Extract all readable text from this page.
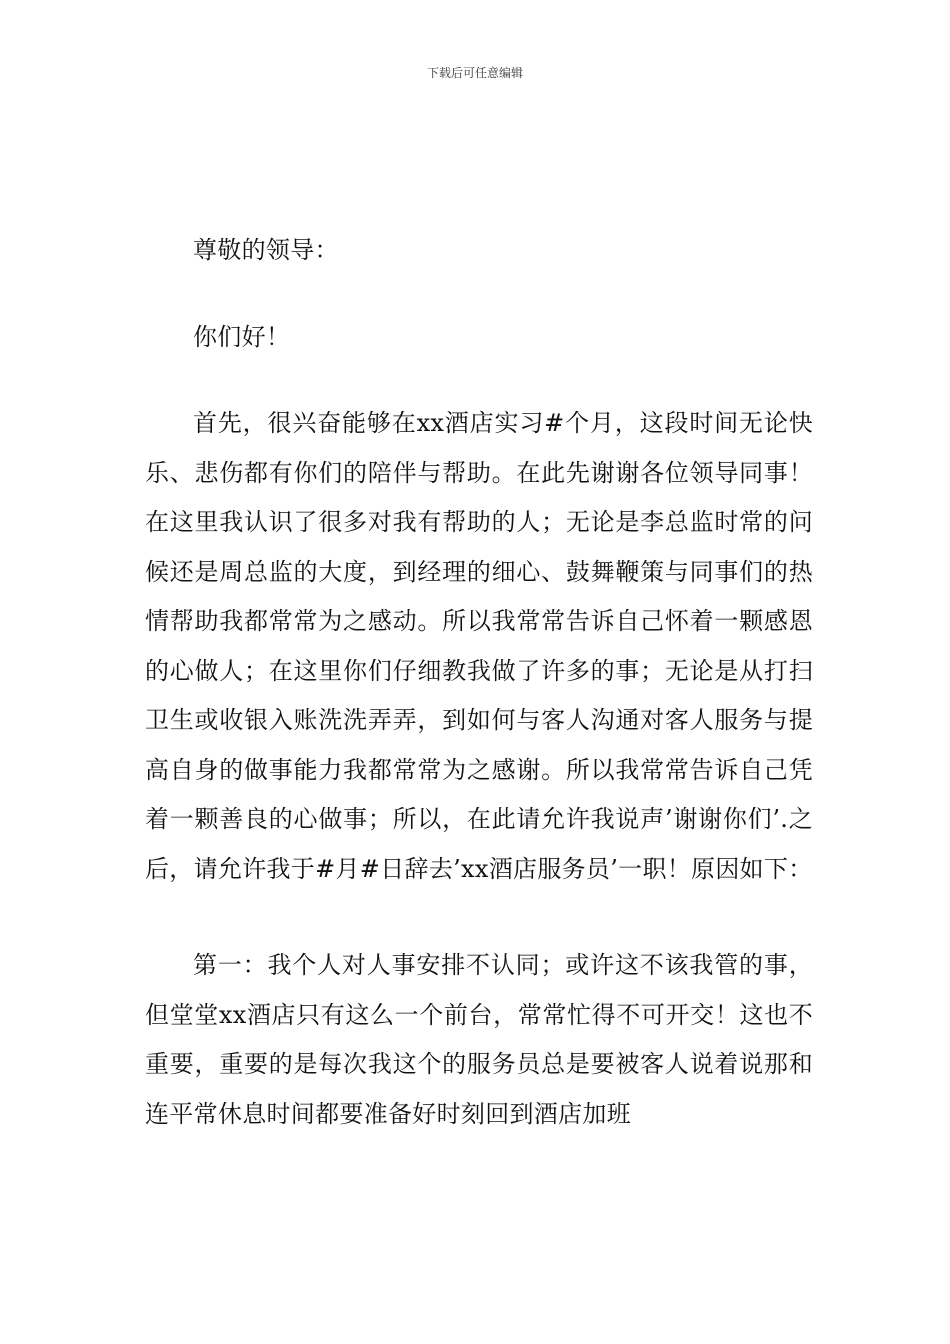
下载后可任意编辑

尊敬的领导：

你们好！

首先，很兴奋能够在xx酒店实习#个月，这段时间无论快乐、悲伤都有你们的陪伴与帮助。在此先谢谢各位领导同事！在这里我认识了很多对我有帮助的人；无论是李总监时常的问候还是周总监的大度，到经理的细心、鼓舞鞭策与同事们的热情帮助我都常常为之感动。所以我常常告诉自己怀着一颗感恩的心做人；在这里你们仔细教我做了许多的事；无论是从打扫卫生或收银入账洗洗弄弄，到如何与客人沟通对客人服务与提高自身的做事能力我都常常为之感谢。所以我常常告诉自己凭着一颗善良的心做事；所以，在此请允许我说声’谢谢你们’.之后，请允许我于#月#日辞去’xx酒店服务员’一职！原因如下：

第一：我个人对人事安排不认同；或许这不该我管的事，但堂堂xx酒店只有这么一个前台，常常忙得不可开交！这也不重要，重要的是每次我这个的服务员总是要被客人说着说那和连平常休息时间都要准备好时刻回到酒店加班
